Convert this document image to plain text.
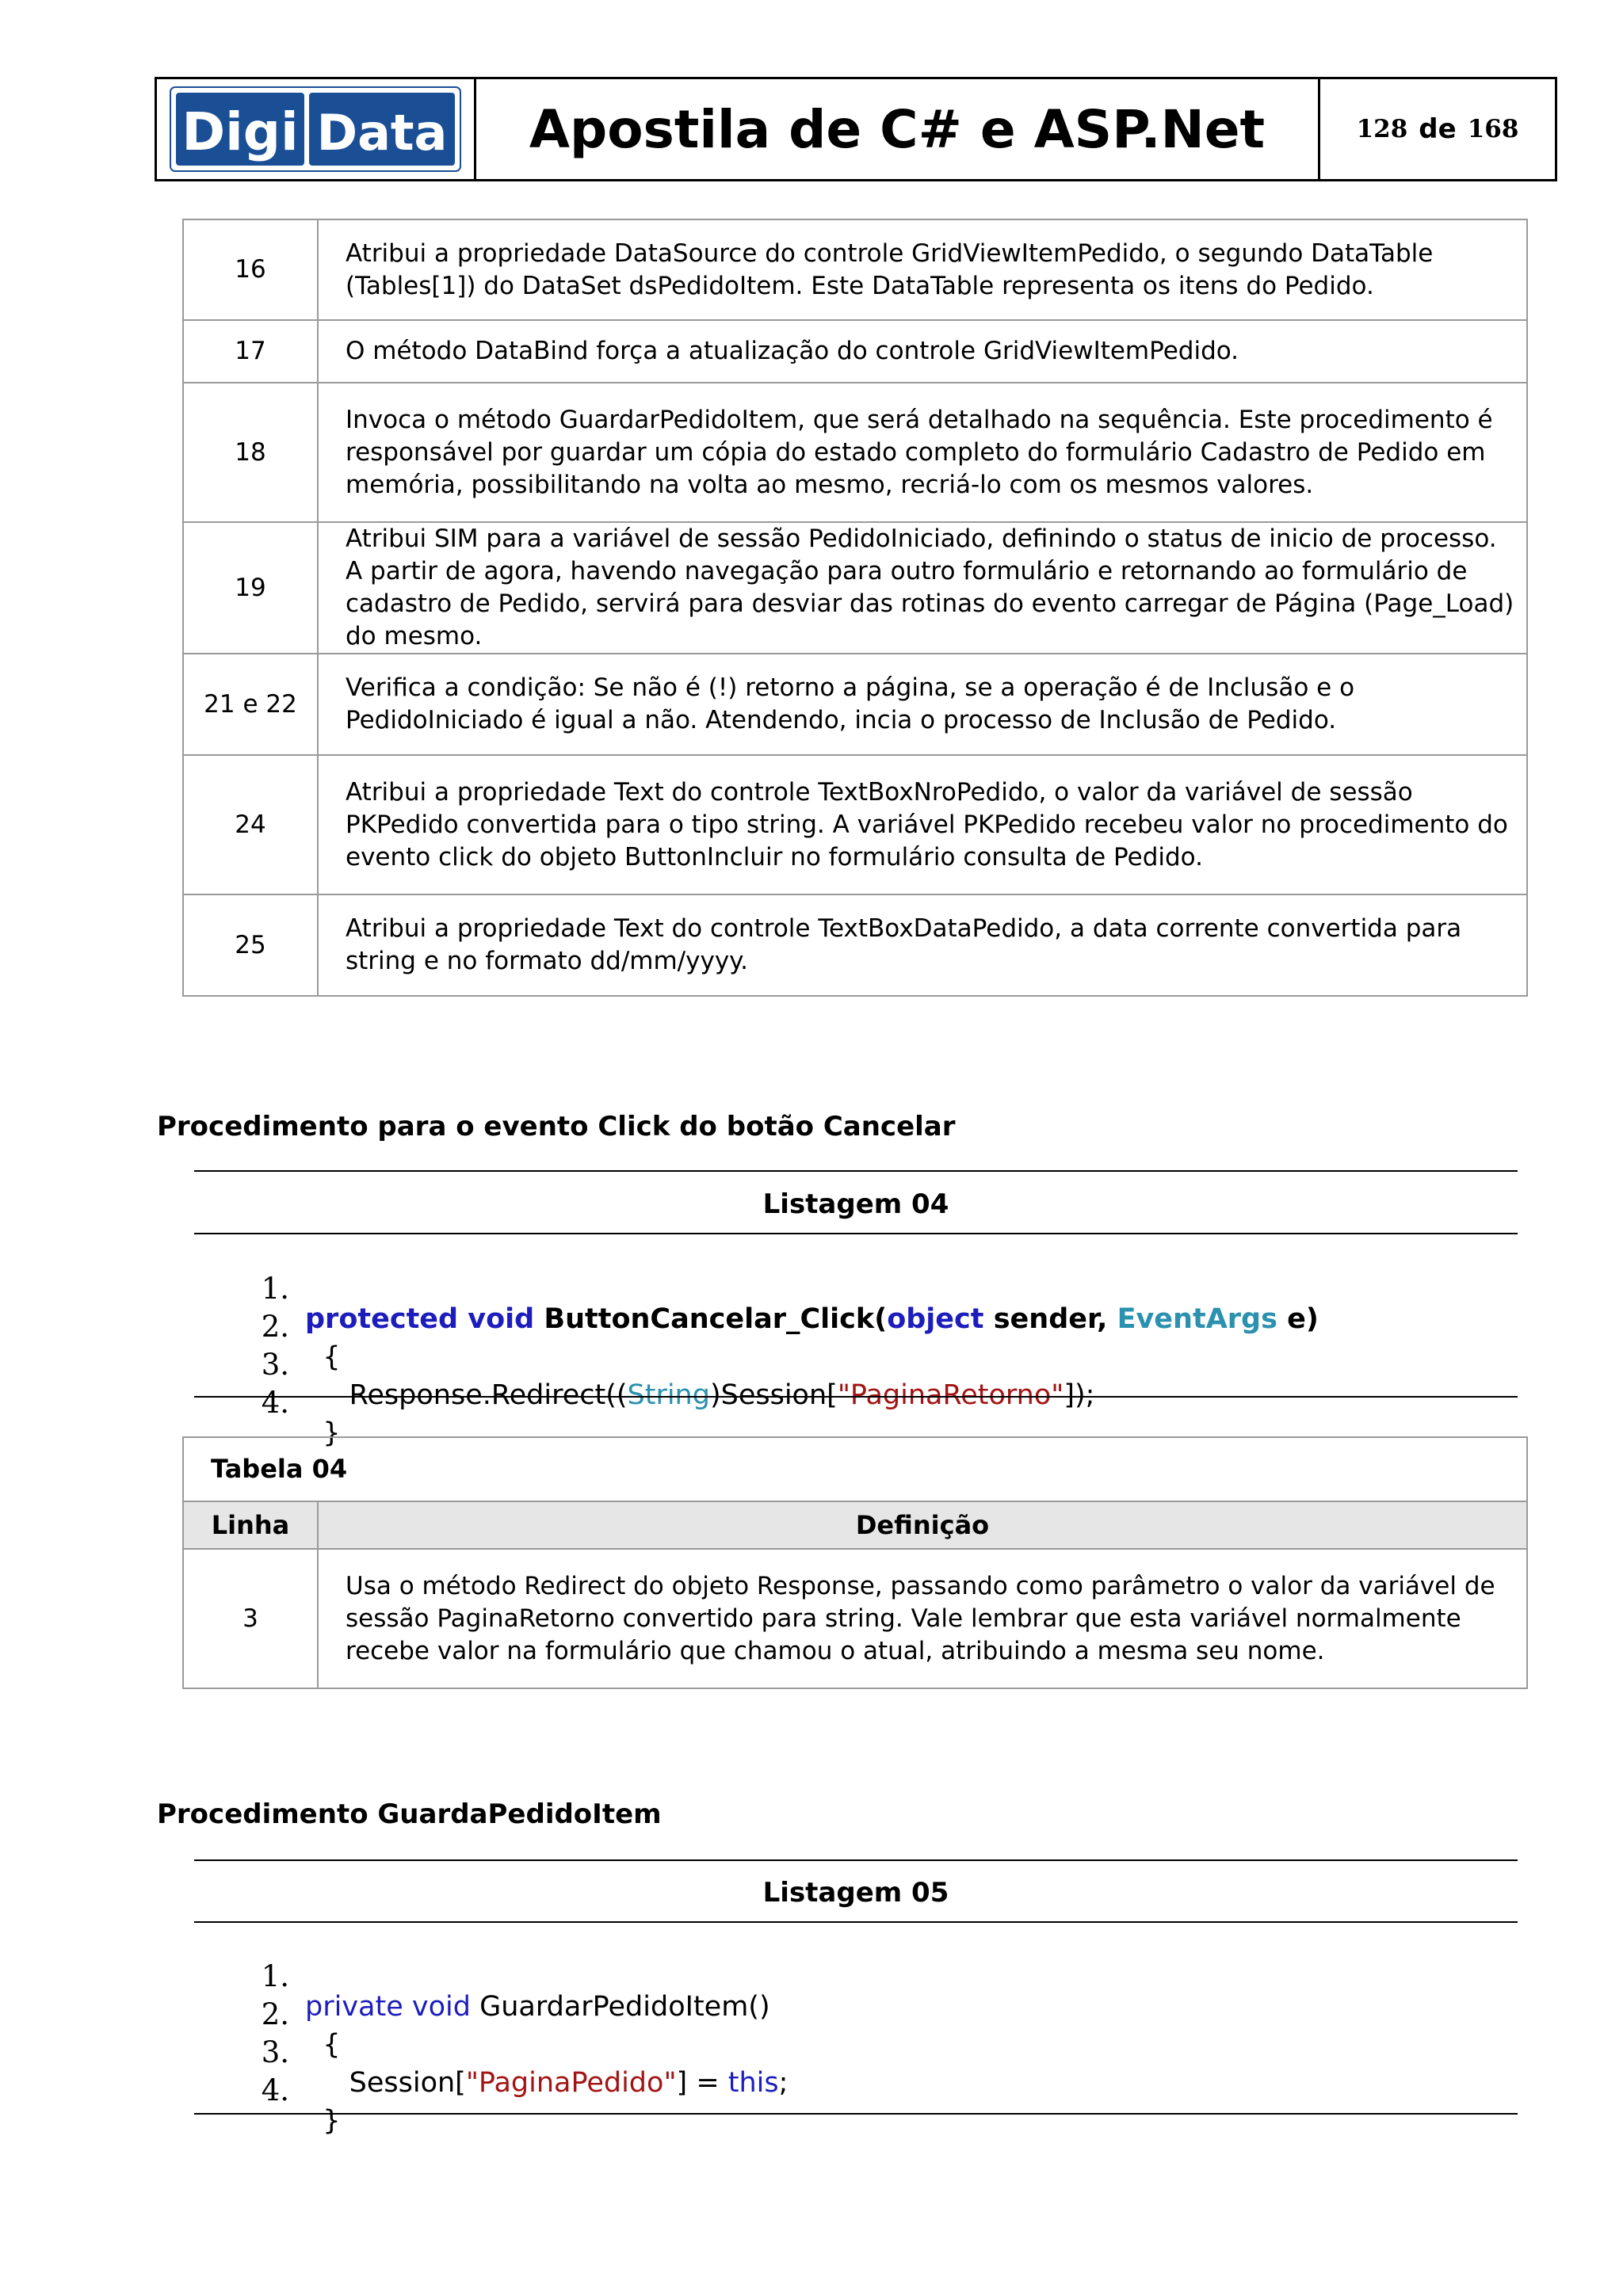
Digi Data Apostila de C# e ASP.Net	128 de 168
16	Atribui a propriedade DataSource do controle GridViewItemPedido, o segundo DataTable (Tables[1]) do DataSet dsPedidoItem. Este DataTable representa os itens do Pedido.
17	O método DataBind força a atualização do controle GridViewItemPedido.
18	Invoca o método GuardarPedidoItem, que será detalhado na sequência. Este procedimento é responsável por guardar um cópia do estado completo do formulário Cadastro de Pedido em memória, possibilitando na volta ao mesmo, recriá-lo com os mesmos valores.
19	Atribui SIM para a variável de sessão PedidoIniciado, definindo o status de inicio de processo. A partir de agora, havendo navegação para outro formulário e retornando ao formulário de cadastro de Pedido, servirá para desviar das rotinas do evento carregar de Página (Page_Load) do mesmo.
21 e 22	Verifica a condição: Se não é (!) retorno a página, se a operação é de Inclusão e o PedidoIniciado é igual a não. Atendendo, incia o processo de Inclusão de Pedido.
24	Atribui a propriedade Text do controle TextBoxNroPedido, o valor da variável de sessão PKPedido convertida para o tipo string. A variável PKPedido recebeu valor no procedimento do evento click do objeto ButtonIncluir no formulário consulta de Pedido.
25	Atribui a propriedade Text do controle TextBoxDataPedido, a data corrente convertida para string e no formato dd/mm/yyyy.
Procedimento para o evento Click do botão Cancelar
Listagem 04

1.

protected void ButtonCancelar_Click(object sender, EventArgs e)

2.

{

3.

Response.Redirect((String)Session["PaginaRetorno"]);

4.

}

Tabela 04	
Linha	Definição
3	Usa o método Redirect do objeto Response, passando como parâmetro o valor da variável de sessão PaginaRetorno convertido para string. Vale lembrar que esta variável normalmente recebe valor na formulário que chamou o atual, atribuindo a mesma seu nome.
Procedimento GuardaPedidoItem
Listagem 05

1.

private void GuardarPedidoItem()

2.

{

3.

Session["PaginaPedido"] = this;

4.

}
